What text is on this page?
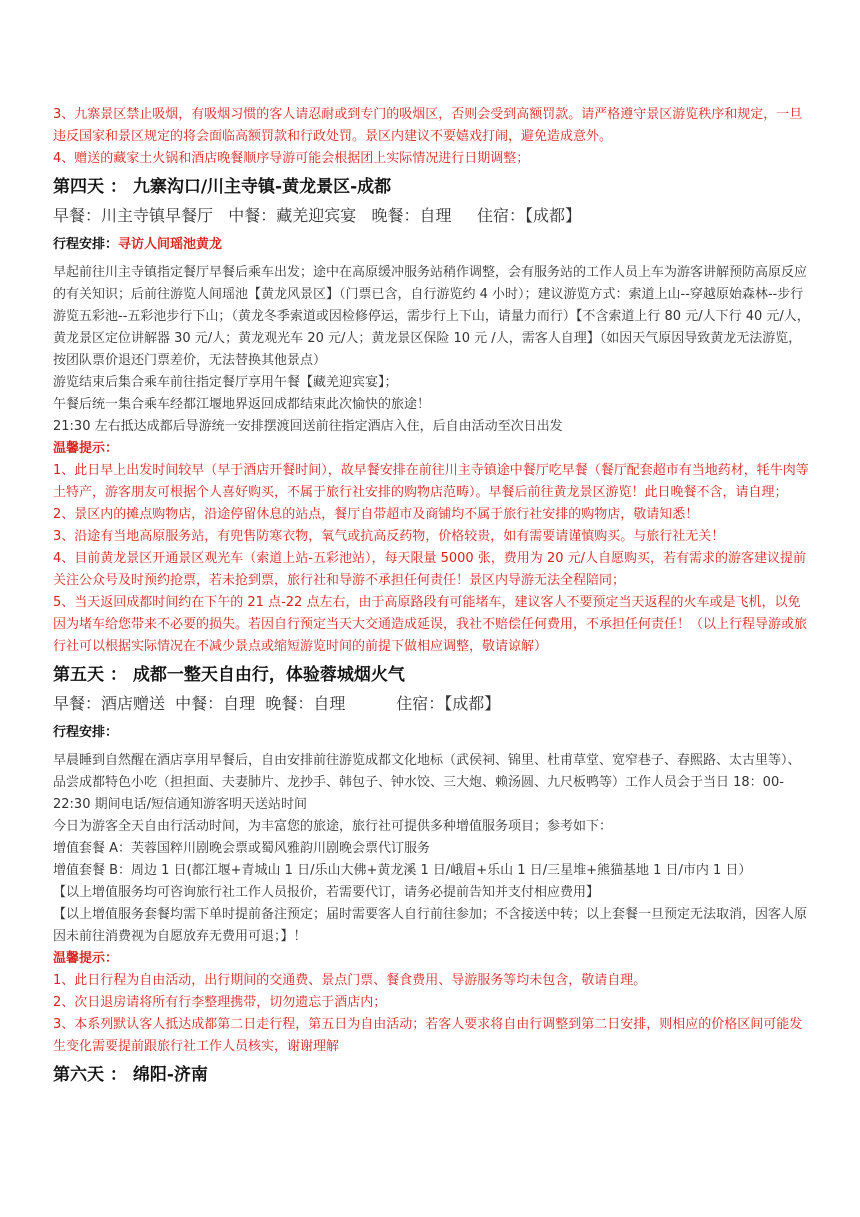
3、九寨景区禁止吸烟，有吸烟习惯的客人请忍耐或到专门的吸烟区，否则会受到高额罚款。请严格遵守景区游览秩序和规定，一旦违反国家和景区规定的将会面临高额罚款和行政处罚。景区内建议不要嬉戏打闹，避免造成意外。

4、赠送的藏家土火锅和酒店晚餐顺序导游可能会根据团上实际情况进行日期调整；

第四天 ： 九寨沟口/川主寺镇-黄龙景区-成都

早餐：川主寺镇早餐厅   中餐：藏羌迎宾宴   晚餐：自理     住宿：【成都】

行程安排：寻访人间瑶池黄龙

早起前往川主寺镇指定餐厅早餐后乘车出发；途中在高原缓冲服务站稍作调整，会有服务站的工作人员上车为游客讲解预防高原反应的有关知识；后前往游览人间瑶池【黄龙风景区】（门票已含，自行游览约 4 小时）；建议游览方式：索道上山--穿越原始森林--步行游览五彩池--五彩池步行下山；（黄龙冬季索道或因检修停运，需步行上下山，请量力而行）【不含索道上行 80 元/人下行 40 元/人，黄龙景区定位讲解器 30 元/人；黄龙观光车 20 元/人；黄龙景区保险 10 元 /人，需客人自理】（如因天气原因导致黄龙无法游览，按团队票价退还门票差价，无法替换其他景点）

游览结束后集合乘车前往指定餐厅享用午餐【藏羌迎宾宴】；

午餐后统一集合乘车经都江堰地界返回成都结束此次愉快的旅途！

21:30 左右抵达成都后导游统一安排摆渡回送前往指定酒店入住，后自由活动至次日出发

温馨提示：

1、此日早上出发时间较早（早于酒店开餐时间），故早餐安排在前往川主寺镇途中餐厅吃早餐（餐厅配套超市有当地药材，牦牛肉等土特产，游客朋友可根据个人喜好购买，不属于旅行社安排的购物店范畴）。早餐后前往黄龙景区游览！此日晚餐不含，请自理；

2、景区内的摊点购物店，沿途停留休息的站点，餐厅自带超市及商铺均不属于旅行社安排的购物店，敬请知悉！

3、沿途有当地高原服务站，有兜售防寒衣物，氧气或抗高反药物，价格较贵，如有需要请谨慎购买。与旅行社无关！

4、目前黄龙景区开通景区观光车（索道上站-五彩池站），每天限量 5000 张，费用为 20 元/人自愿购买，若有需求的游客建议提前关注公众号及时预约抢票，若未抢到票，旅行社和导游不承担任何责任！景区内导游无法全程陪同；

5、当天返回成都时间约在下午的 21 点-22 点左右，由于高原路段有可能堵车，建议客人不要预定当天返程的火车或是飞机，以免因为堵车给您带来不必要的损失。若因自行预定当天大交通造成延误，我社不赔偿任何费用，不承担任何责任！（以上行程导游或旅行社可以根据实际情况在不减少景点或缩短游览时间的前提下做相应调整，敬请谅解）

第五天 ： 成都一整天自由行，体验蓉城烟火气

早餐：酒店赠送  中餐：自理  晚餐：自理          住宿：【成都】

行程安排：

早晨睡到自然醒在酒店享用早餐后，自由安排前往游览成都文化地标（武侯祠、锦里、杜甫草堂、宽窄巷子、春熙路、太古里等）、品尝成都特色小吃（担担面、夫妻肺片、龙抄手、韩包子、钟水饺、三大炮、赖汤圆、九尺板鸭等）工作人员会于当日 18：00-22:30 期间电话/短信通知游客明天送站时间

今日为游客全天自由行活动时间，为丰富您的旅途，旅行社可提供多种增值服务项目；参考如下：

增值套餐 A：芙蓉国粹川剧晚会票或蜀风雅韵川剧晚会票代订服务

增值套餐 B：周边 1 日(都江堰+青城山 1 日/乐山大佛+黄龙溪 1 日/峨眉+乐山 1 日/三星堆+熊猫基地 1 日/市内 1 日）

【以上增值服务均可咨询旅行社工作人员报价，若需要代订，请务必提前告知并支付相应费用】

【以上增值服务套餐均需下单时提前备注预定；届时需要客人自行前往参加；不含接送中转；以上套餐一旦预定无法取消，因客人原因未前往消费视为自愿放弃无费用可退；】！

温馨提示：

1、此日行程为自由活动，出行期间的交通费、景点门票、餐食费用、导游服务等均未包含，敬请自理。

2、次日退房请将所有行李整理携带，切勿遗忘于酒店内；

3、本系列默认客人抵达成都第二日走行程，第五日为自由活动；若客人要求将自由行调整到第二日安排，则相应的价格区间可能发生变化需要提前跟旅行社工作人员核实，谢谢理解

第六天 ： 绵阳-济南
